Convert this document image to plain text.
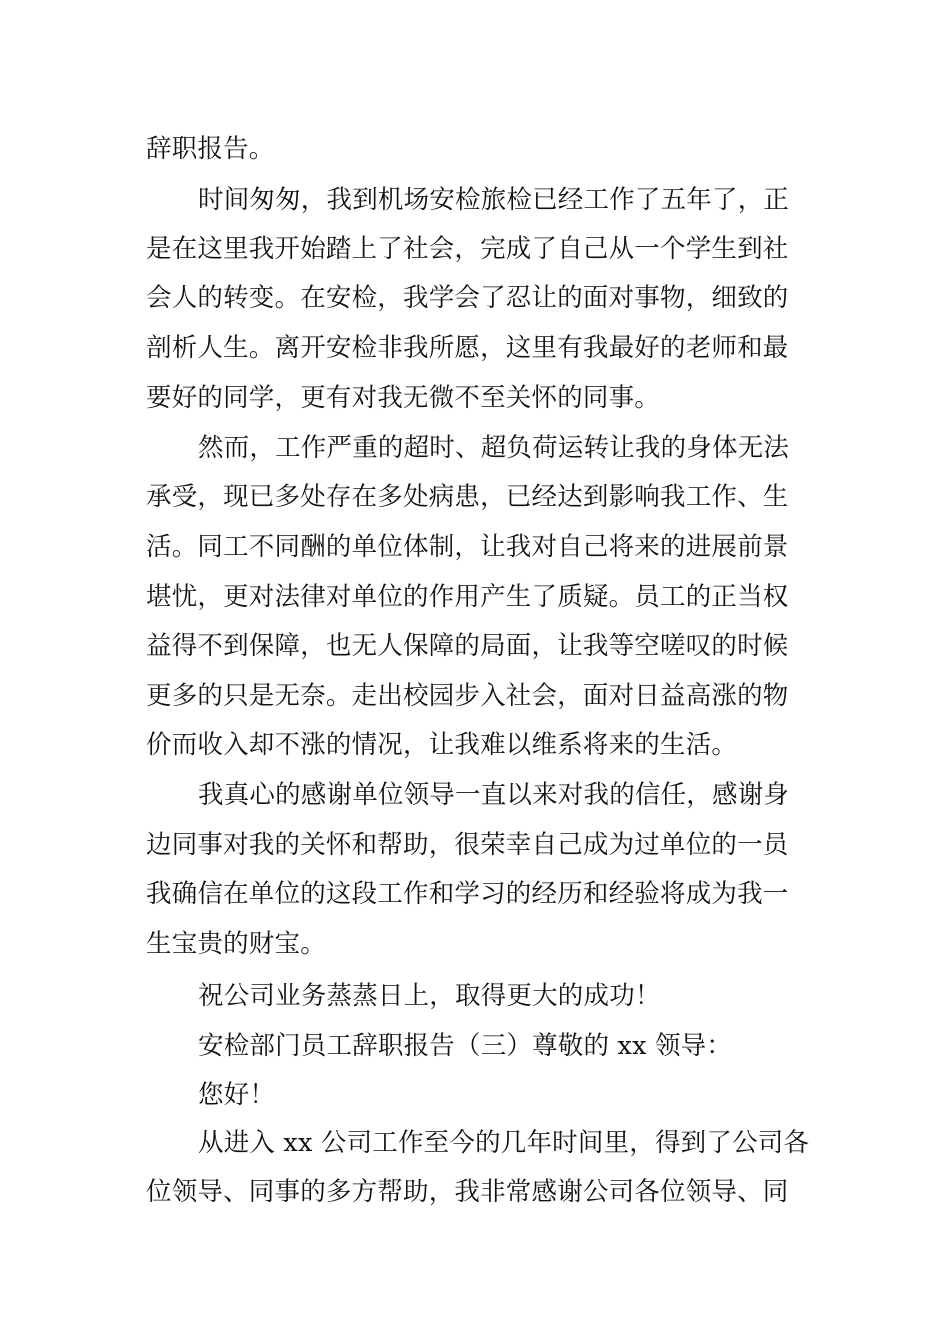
辞职报告。
时间匆匆，我到机场安检旅检已经工作了五年了，正
是在这里我开始踏上了社会，完成了自己从一个学生到社
会人的转变。在安检，我学会了忍让的面对事物，细致的
剖析人生。离开安检非我所愿，这里有我最好的老师和最
要好的同学，更有对我无微不至关怀的同事。
然而，工作严重的超时、超负荷运转让我的身体无法
承受，现已多处存在多处病患，已经达到影响我工作、生
活。同工不同酬的单位体制，让我对自己将来的进展前景
堪忧，更对法律对单位的作用产生了质疑。员工的正当权
益得不到保障，也无人保障的局面，让我等空嗟叹的时候
更多的只是无奈。走出校园步入社会，面对日益高涨的物
价而收入却不涨的情况，让我难以维系将来的生活。
我真心的感谢单位领导一直以来对我的信任，感谢身
边同事对我的关怀和帮助，很荣幸自己成为过单位的一员
我确信在单位的这段工作和学习的经历和经验将成为我一
生宝贵的财宝。
祝公司业务蒸蒸日上，取得更大的成功！
安检部门员工辞职报告（三）尊敬的 xx 领导：
您好！
从进入 xx 公司工作至今的几年时间里，得到了公司各
位领导、同事的多方帮助，我非常感谢公司各位领导、同
